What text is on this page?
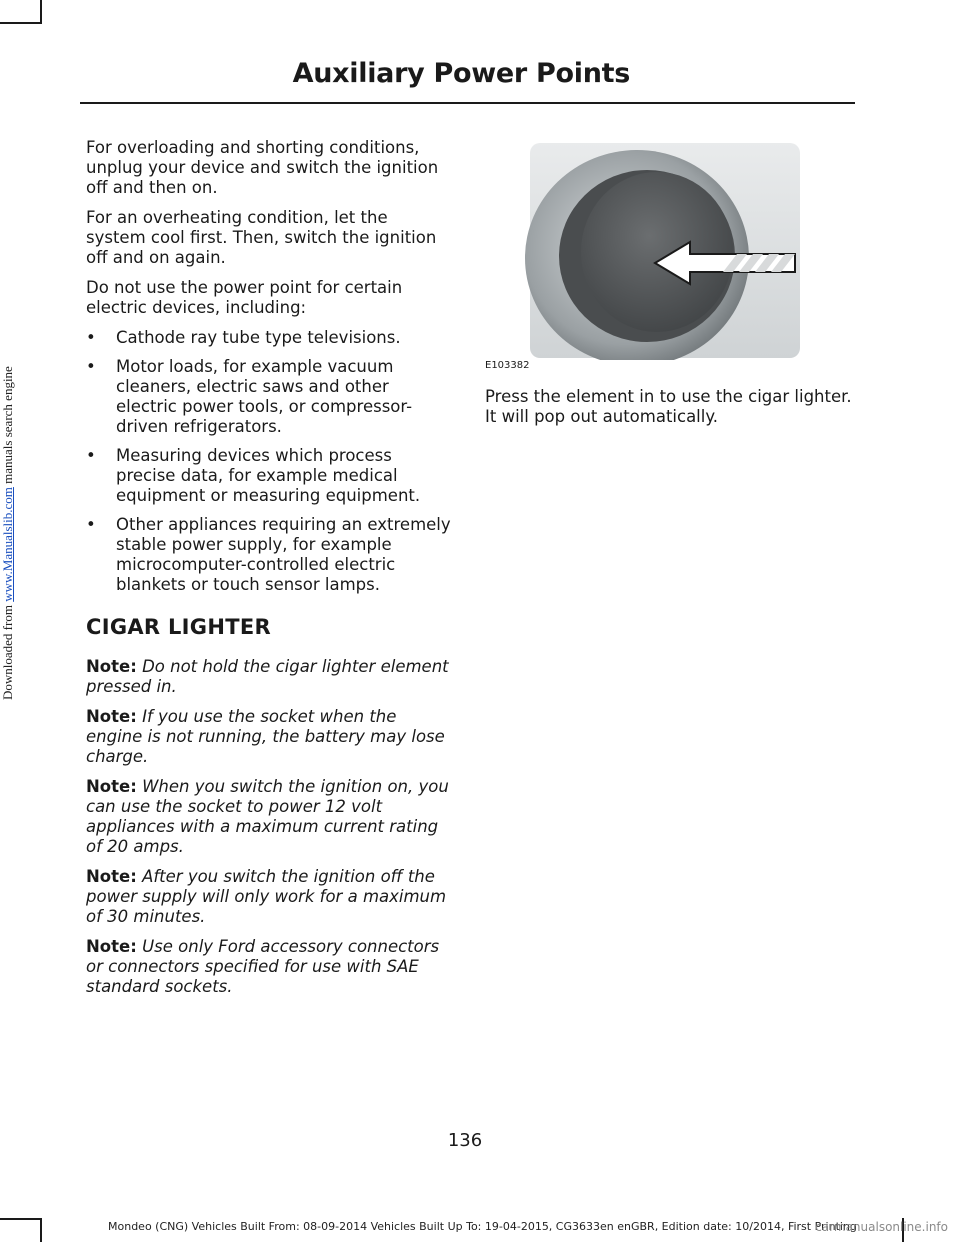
Downloaded from www.Manualslib.com manuals search engine
Auxiliary Power Points

For overloading and shorting conditions, unplug your device and switch the ignition off and then on.

For an overheating condition, let the system cool first. Then, switch the ignition off and on again.

Do not use the power point for certain electric devices, including:

• Cathode ray tube type televisions.
• Motor loads, for example vacuum cleaners, electric saws and other electric power tools, or compressor-driven refrigerators.
• Measuring devices which process precise data, for example medical equipment or measuring equipment.
• Other appliances requiring an extremely stable power supply, for example microcomputer-controlled electric blankets or touch sensor lamps.
CIGAR LIGHTER

Note: Do not hold the cigar lighter element pressed in.

Note: If you use the socket when the engine is not running, the battery may lose charge.

Note: When you switch the ignition on, you can use the socket to power 12 volt appliances with a maximum current rating of 20 amps.

Note: After you switch the ignition off the power supply will only work for a maximum of 30 minutes.

Note: Use only Ford accessory connectors or connectors specified for use with SAE standard sockets.

E103382

Press the element in to use the cigar lighter. It will pop out automatically.

136
Mondeo (CNG) Vehicles Built From: 08-09-2014 Vehicles Built Up To: 19-04-2015, CG3633en enGBR, Edition date: 10/2014, First Printing
carmanualsonline.info
